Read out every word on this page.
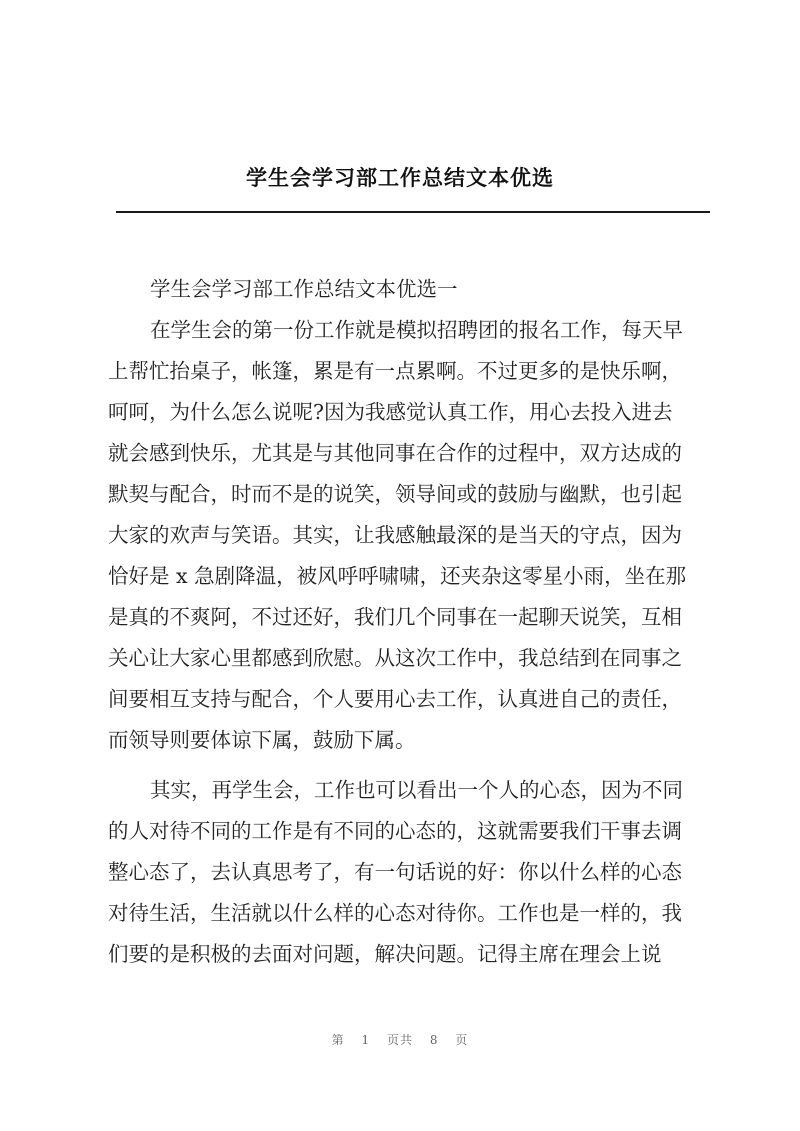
学生会学习部工作总结文本优选
学生会学习部工作总结文本优选一
在学生会的第一份工作就是模拟招聘团的报名工作，每天早
上帮忙抬桌子，帐篷，累是有一点累啊。不过更多的是快乐啊，
呵呵，为什么怎么说呢?因为我感觉认真工作，用心去投入进去
就会感到快乐，尤其是与其他同事在合作的过程中，双方达成的
默契与配合，时而不是的说笑，领导间或的鼓励与幽默，也引起
大家的欢声与笑语。其实，让我感触最深的是当天的守点，因为
恰好是 x 急剧降温，被风呼呼啸啸，还夹杂这零星小雨，坐在那
是真的不爽阿，不过还好，我们几个同事在一起聊天说笑，互相
关心让大家心里都感到欣慰。从这次工作中，我总结到在同事之
间要相互支持与配合，个人要用心去工作，认真进自己的责任，
而领导则要体谅下属，鼓励下属。
其实，再学生会，工作也可以看出一个人的心态，因为不同
的人对待不同的工作是有不同的心态的，这就需要我们干事去调
整心态了，去认真思考了，有一句话说的好：你以什么样的心态
对待生活，生活就以什么样的心态对待你。工作也是一样的，我
们要的是积极的去面对问题，解决问题。记得主席在理会上说
第 1 页共 8 页
